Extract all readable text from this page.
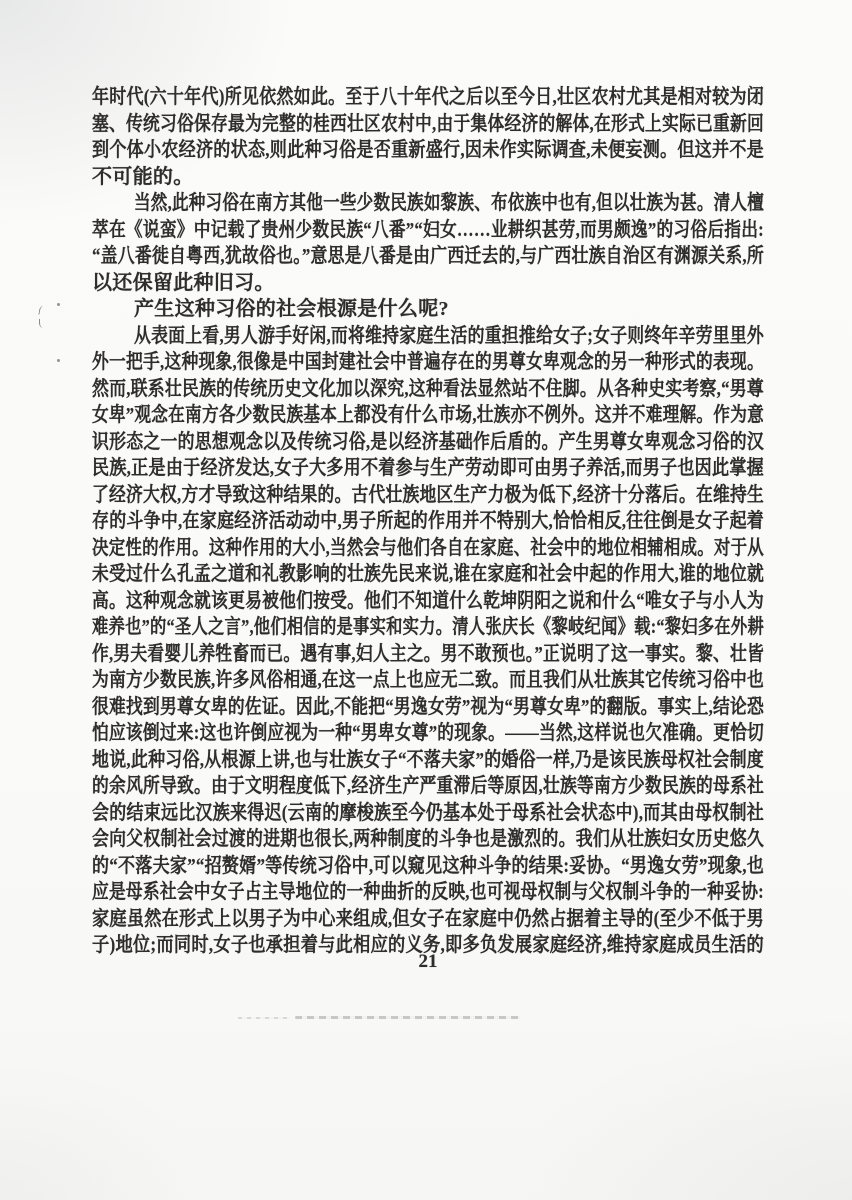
年时代(六十年代)所见依然如此。至于八十年代之后以至今日,壮区农村尤其是相对较为闭
塞、传统习俗保存最为完整的桂西壮区农村中,由于集体经济的解体,在形式上实际已重新回
到个体小农经济的状态,则此种习俗是否重新盛行,因未作实际调查,未便妄测。但这并不是
不可能的。
当然,此种习俗在南方其他一些少数民族如黎族、布依族中也有,但以壮族为甚。清人檀
萃在《说蛮》中记载了贵州少数民族“八番”“妇女……业耕织甚劳,而男颇逸”的习俗后指出:
“盖八番徙自粤西,犹故俗也。”意思是八番是由广西迁去的,与广西壮族自治区有渊源关系,所
以还保留此种旧习。
产生这种习俗的社会根源是什么呢?
从表面上看,男人游手好闲,而将维持家庭生活的重担推给女子;女子则终年辛劳里里外
外一把手,这种现象,很像是中国封建社会中普遍存在的男尊女卑观念的另一种形式的表现。
然而,联系壮民族的传统历史文化加以深究,这种看法显然站不住脚。从各种史实考察,“男尊
女卑”观念在南方各少数民族基本上都没有什么市场,壮族亦不例外。这并不难理解。作为意
识形态之一的思想观念以及传统习俗,是以经济基础作后盾的。产生男尊女卑观念习俗的汉
民族,正是由于经济发达,女子大多用不着参与生产劳动即可由男子养活,而男子也因此掌握
了经济大权,方才导致这种结果的。古代壮族地区生产力极为低下,经济十分落后。在维持生
存的斗争中,在家庭经济活动动中,男子所起的作用并不特别大,恰恰相反,往往倒是女子起着
决定性的作用。这种作用的大小,当然会与他们各自在家庭、社会中的地位相辅相成。对于从
未受过什么孔孟之道和礼教影响的壮族先民来说,谁在家庭和社会中起的作用大,谁的地位就
高。这种观念就该更易被他们按受。他们不知道什么乾坤阴阳之说和什么“唯女子与小人为
难养也”的“圣人之言”,他们相信的是事实和实力。清人张庆长《黎岐纪闻》载:“黎妇多在外耕
作,男夫看婴儿养牲畜而已。遇有事,妇人主之。男不敢预也。”正说明了这一事实。黎、壮皆
为南方少数民族,许多风俗相通,在这一点上也应无二致。而且我们从壮族其它传统习俗中也
很难找到男尊女卑的佐证。因此,不能把“男逸女劳”视为“男尊女卑”的翻版。事实上,结论恐
怕应该倒过来:这也许倒应视为一种“男卑女尊”的现象。——当然,这样说也欠准确。更恰切
地说,此种习俗,从根源上讲,也与壮族女子“不落夫家”的婚俗一样,乃是该民族母权社会制度
的余风所导致。由于文明程度低下,经济生产严重滞后等原因,壮族等南方少数民族的母系社
会的结束远比汉族来得迟(云南的摩梭族至今仍基本处于母系社会状态中),而其由母权制社
会向父权制社会过渡的进期也很长,两种制度的斗争也是激烈的。我们从壮族妇女历史悠久
的“不落夫家”“招赘婿”等传统习俗中,可以窥见这种斗争的结果:妥协。“男逸女劳”现象,也
应是母系社会中女子占主导地位的一种曲折的反映,也可视母权制与父权制斗争的一种妥协:
家庭虽然在形式上以男子为中心来组成,但女子在家庭中仍然占据着主导的(至少不低于男
子)地位;而同时,女子也承担着与此相应的义务,即多负发展家庭经济,维持家庭成员生活的
21
